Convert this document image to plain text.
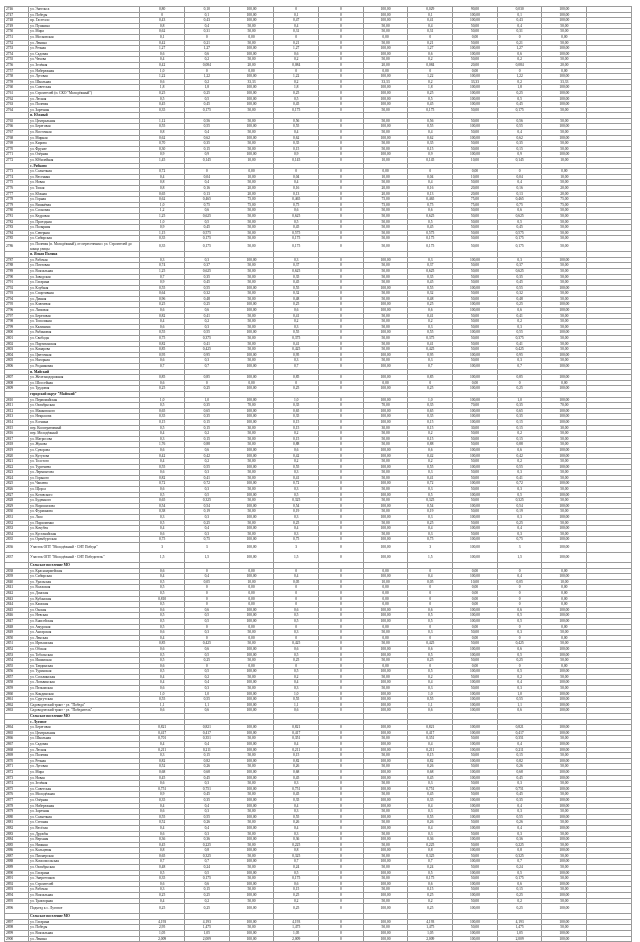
2746	ул. Энгельса	0,80	0,10	100,00	0	0	100,00	0,029	90,00	0,030	100,00	
2747	ул. Победы	0	0,1	100,00	0,1	0	100,00	0,1	100,00	0,1	100,00	
2748	пр. Гастелло	0,43	0,43	100,00	0,47	0	100,00	0,41	100,00	0,43	100,00	
2749	ул. Пушкина	0,8	0,4	50,00	0,4	0	50,00	0,4	50,00	0,4	50,00	
2750	ул. Мира	0,62	0,31	50,00	0,31	0	50,00	0,31	50,00	0,31	50,00	
2751	ул. Московская	0,1	0	0,00	0	0	0,00	0	0,00	0	0,00	
2752	ул. Ленина	0,42	0,21	50,00	0,21	0	50,00	0,21	50,00	0,21	50,00	
2753	ул. Речная	1,27	1,27	100,00	1,27	0	100,00	1,27	100,00	1,27	100,00	
2754	ул. Садовая	0,6	0,6	100,00	0,6	0	100,00	0,6	100,00	0,6	100,00	
2755	ул. Чехова	0,4	0,2	50,00	0,2	0	50,00	0,2	50,00	0,2	50,00	
2756	ул. Зелёная	0,42	0,084	20,00	0,084	0	20,00	0,084	20,00	0,084	20,00	
2757	ул. Набережная	1,0	0	0,00	0	0	0,00	0	0,00	0	0,00	
2758	ул. Луговая	1,22	1,22	100,00	1,22	0	100,00	1,22	100,00	1,22	100,00	
2759	ул. Школьная	0,6	0,2	33,33	0,2	0	33,33	0,2	33,33	0,2	33,33	
2760	ул. Советская	1,8	1,8	100,00	1,8	0	100,00	1,8	100,00	1,8	100,00	
2761	ул. Строителей (п. СКО "Молодёжный")	0,25	0,25	100,00	0,25	0	100,00	0,25	100,00	0,25	100,00	
2762	ул. Лесная	0,5	0,5	100,00	0,5	0	100,00	0,5	100,00	0,5	100,00	
2763	ул. Полевая	0,45	0,45	100,00	0,45	0	100,00	0,45	100,00	0,45	100,00	
2764	ул. Заречная	0,35	0,175	50,00	0,175	0	50,00	0,175	50,00	0,175	50,00	
	п. Южный											
2765	ул. Центральная	1,12	0,56	50,00	0,56	0	50,00	0,56	50,00	0,56	50,00	
2766	ул. Береговая	0,55	0,55	100,00	0,55	0	100,00	0,55	100,00	0,55	100,00	
2767	ул. Восточная	0,8	0,4	50,00	0,4	0	50,00	0,4	50,00	0,4	50,00	
2768	ул. Мирная	0,62	0,62	100,00	0,62	0	100,00	0,62	100,00	0,62	100,00	
2769	ул. Кирова	0,70	0,35	50,00	0,35	0	50,00	0,35	50,00	0,35	50,00	
2770	ул. Фрунзе	0,30	0,15	50,00	0,15	0	50,00	0,15	50,00	0,15	50,00	
2771	ул. Озёрная	0,9	0,9	100,00	0,9	0	100,00	0,9	100,00	0,9	100,00	
2772	ул. Юбилейная	1,45	0,145	10,00	0,145	0	10,00	0,145	10,00	0,145	10,00	
	с. Рябково											
2773	ул. Солнечная	0,72	0	0,00	0	0	0,00	0	0,00	0	0,00	
2774	ул. Весенняя	0,4	0,04	10,00	0,04	0	10,00	0,04	10,00	0,04	10,00	
2775	ул. Новая	0,8	0,4	50,00	0,4	0	50,00	0,4	50,00	0,4	50,00	
2776	ул. Тихая	0,8	0,16	20,00	0,16	0	20,00	0,16	20,00	0,16	20,00	
2777	ул. Южная	0,65	0,13	20,00	0,13	0	20,00	0,13	20,00	0,13	20,00	
2778	ул. Горная	0,62	0,465	75,00	0,465	0	75,00	0,465	75,00	0,465	75,00	
2779	ул. Вишнёвая	1,0	0,75	75,00	0,75	0	75,00	0,75	75,00	0,75	75,00	
2780	ул. Сосновая	1,2	0,6	50,00	0,6	0	50,00	0,6	50,00	0,6	50,00	
2781	ул. Кедровая	1,25	0,625	50,00	0,625	0	50,00	0,625	50,00	0,625	50,00	
2782	ул. Проездная	1,0	0,5	50,00	0,5	0	50,00	0,5	50,00	0,5	50,00	
2783	ул. Полярная	0,9	0,45	50,00	0,45	0	50,00	0,45	50,00	0,45	50,00	
2784	ул. Северная	1,15	0,575	50,00	0,575	0	50,00	0,575	50,00	0,575	50,00	
2785	ул. Сибирская	0,35	0,175	50,00	0,175	0	50,00	0,175	50,00	0,175	50,00	
2786	ул. Полевая (п. Молодёжный), от пересечения с ул. Строителей до конца улицы	0,35	0,175	50,00	0,175	0	50,00	0,175	50,00	0,175	50,00	
	п. Ясная Поляна											
2787	ул. Рабочая	0,3	0,3	100,00	0,3	0	100,00	0,3	100,00	0,3	100,00	
2788	ул. Почтовая	0,74	0,37	50,00	0,37	0	50,00	0,37	50,00	0,37	50,00	
2789	ул. Вокзальная	1,25	0,625	50,00	0,625	0	50,00	0,625	50,00	0,625	50,00	
2790	ул. Заводская	0,7	0,35	50,00	0,35	0	50,00	0,35	50,00	0,35	50,00	
2791	ул. Гагарина	0,9	0,45	50,00	0,45	0	50,00	0,45	50,00	0,45	50,00	
2792	ул. Клубная	0,55	0,55	100,00	0,55	0	100,00	0,55	100,00	0,55	100,00	
2793	ул. Спортивная	0,64	0,32	50,00	0,32	0	50,00	0,32	50,00	0,32	50,00	
2794	ул. Дачная	0,96	0,48	50,00	0,48	0	50,00	0,48	50,00	0,48	50,00	
2795	ул. Ключевая	0,25	0,25	100,00	0,25	0	100,00	0,25	100,00	0,25	100,00	
2796	ул. Липовая	0,6	0,6	100,00	0,6	0	100,00	0,6	100,00	0,6	100,00	
2797	ул. Березовая	0,82	0,41	50,00	0,41	0	50,00	0,41	50,00	0,41	50,00	
2798	ул. Тополиная	0,4	0,2	50,00	0,2	0	50,00	0,2	50,00	0,2	50,00	
2799	ул. Калинина	0,6	0,3	50,00	0,3	0	50,00	0,3	50,00	0,3	50,00	
2800	ул. Рябиновая	0,55	0,55	100,00	0,55	0	100,00	0,55	100,00	0,55	100,00	
2801	ул. Свободы	0,75	0,375	50,00	0,375	0	50,00	0,375	50,00	0,375	50,00	
2802	ул. Партизанская	0,82	0,41	50,00	0,41	0	50,00	0,41	50,00	0,41	50,00	
2803	ул. Комарова	0,85	0,425	50,00	0,425	0	50,00	0,425	50,00	0,425	50,00	
2804	ул. Цветочная	0,95	0,95	100,00	0,95	0	100,00	0,95	100,00	0,95	100,00	
2805	ул. Нагорная	0,6	0,3	50,00	0,3	0	50,00	0,3	50,00	0,3	50,00	
2806	ул. Родниковая	0,7	0,7	100,00	0,7	0	100,00	0,7	100,00	0,7	100,00	
	п. Майский											
2807	ул. Железнодорожная	0,85	0,85	100,00	0,85	0	100,00	0,85	100,00	0,85	100,00	
2808	ул. Шоссейная	0,6	0	0,00	0	0	0,00	0	0,00	0	0,00	
2809	ул. Трудовая	0,25	0,25	100,00	0,25	0	100,00	0,25	100,00	0,25	100,00	
	городской округ "Майский"											
2810	ул. Первомайская	1,0	1,0	100,00	1,0	0	100,00	1,0	100,00	1,0	100,00	
2811	ул. Октябрьская	0,5	0,35	70,00	0,35	0	70,00	0,35	70,00	0,35	70,00	
2812	ул. Маяковского	0,65	0,65	100,00	0,65	0	100,00	0,65	100,00	0,65	100,00	
2813	ул. Некрасова	0,35	0,35	100,00	0,35	0	100,00	0,35	100,00	0,35	100,00	
2814	ул. Есенина	0,15	0,15	100,00	0,15	0	100,00	0,15	100,00	0,15	100,00	
2815	пер. Кооперативный	0,5	0,15	30,00	0,15	0	30,00	0,15	30,00	0,15	30,00	
2816	пер. Молодёжный	0,4	0,2	50,00	0,2	0	50,00	0,2	50,00	0,2	50,00	
2817	ул. Матросова	0,3	0,15	50,00	0,15	0	50,00	0,15	50,00	0,15	50,00	
2818	ул. Жукова	1,76	0,88	50,00	0,88	0	50,00	0,88	50,00	0,88	50,00	
2819	ул. Суворова	0,6	0,6	100,00	0,6	0	100,00	0,6	100,00	0,6	100,00	
2820	ул. Кутузова	0,42	0,42	100,00	0,42	0	100,00	0,42	100,00	0,42	100,00	
2821	ул. Толстого	0,4	0,2	50,00	0,2	0	50,00	0,2	50,00	0,2	50,00	
2822	ул. Тургенева	0,55	0,55	100,00	0,55	0	100,00	0,55	100,00	0,55	100,00	
2823	ул. Лермонтова	0,6	0,3	50,00	0,3	0	50,00	0,3	50,00	0,3	50,00	
2824	ул. Горького	0,82	0,41	50,00	0,41	0	50,00	0,41	50,00	0,41	50,00	
2825	ул. Чапаева	0,72	0,72	100,00	0,72	0	100,00	0,72	100,00	0,72	100,00	
2826	ул. Щорса	0,6	0,3	50,00	0,3	0	50,00	0,3	50,00	0,3	50,00	
2827	ул. Котовского	0,5	0,5	100,00	0,5	0	100,00	0,5	100,00	0,5	100,00	
2828	ул. Буденного	0,65	0,325	50,00	0,325	0	50,00	0,325	50,00	0,325	50,00	
2829	ул. Ворошилова	0,54	0,54	100,00	0,54	0	100,00	0,54	100,00	0,54	100,00	
2830	ул. Фурманова	0,38	0,19	50,00	0,19	0	50,00	0,19	50,00	0,19	50,00	
2831	ул. Лазо	0,3	0,3	100,00	0,3	0	100,00	0,3	100,00	0,3	100,00	
2832	ул. Пархоменко	0,5	0,25	50,00	0,25	0	50,00	0,25	50,00	0,25	50,00	
2833	ул. Кочубея	0,4	0,4	100,00	0,4	0	100,00	0,4	100,00	0,4	100,00	
2834	ул. Кустанайская	0,6	0,3	50,00	0,3	0	50,00	0,3	50,00	0,3	50,00	
2835	ул. Оренбургская	0,75	0,75	100,00	0,75	0	100,00	0,75	100,00	0,75	100,00	
2836	Участок ОПТ "Молодёжный - СНТ Победа"	3	3	100,00	3	0	100,00	3	100,00	3	100,00	
2837	Участок ОПТ "Молодёжный - СНТ Победитель"	1,5	1,5	100,00	1,5	0	100,00	1,5	100,00	1,5	100,00	
	Сельское поселение МО											
2838	ул. Красноармейская	0,6	0	0,00	0	0	0,00	0	0,00	0	0,00	
2839	ул. Сибирская	0,4	0,4	100,00	0,4	0	100,00	0,4	100,00	0,4	100,00	
2840	ул. Уральская	0,5	0,05	10,00	0,05	0	10,00	0,05	10,00	0,05	10,00	
2841	ул. Волжская	0,5	0	0,00	0	0	0,00	0	0,00	0	0,00	
2842	ул. Донская	0,5	0	0,00	0	0	0,00	0	0,00	0	0,00	
2843	ул. Кубанская	0,810	0	0,00	0	0	0,00	0	0,00	0	0,00	
2844	ул. Камская	0,5	0	0,00	0	0	0,00	0	0,00	0	0,00	
2845	ул. Окская	0,6	0,6	100,00	0,6	0	100,00	0,6	100,00	0,6	100,00	
2846	ул. Невская	0,5	0,5	100,00	0,5	0	100,00	0,5	100,00	0,5	100,00	
2847	ул. Енисейская	0,5	0,5	100,00	0,5	0	100,00	0,5	100,00	0,5	100,00	
2848	ул. Амурская	0,5	0	0,00	0	0	0,00	0	0,00	0	0,00	
2849	ул. Ангарская	0,6	0,3	50,00	0,3	0	50,00	0,3	50,00	0,3	50,00	
2850	ул. Ленская	0,4	0	0,00	0	0	0,00	0	0,00	0	0,00	
2851	ул. Иртышская	0,85	0,425	50,00	0,425	0	50,00	0,425	50,00	0,425	50,00	
2852	ул. Обская	0,6	0,6	100,00	0,6	0	100,00	0,6	100,00	0,6	100,00	
2853	ул. Тобольская	0,5	0,5	100,00	0,5	0	100,00	0,5	100,00	0,5	100,00	
2854	ул. Ишимская	0,5	0,25	50,00	0,25	0	50,00	0,25	50,00	0,25	50,00	
2855	ул. Тавдинская	0,6	0	0,00	0	0	0,00	0	0,00	0	0,00	
2856	ул. Туринская	0,5	0,5	100,00	0,5	0	100,00	0,5	100,00	0,5	100,00	
2857	ул. Сосьвинская	0,4	0,2	50,00	0,2	0	50,00	0,2	50,00	0,2	50,00	
2858	ул. Лозьвинская	0,4	0,4	100,00	0,4	0	100,00	0,4	100,00	0,4	100,00	
2859	ул. Пелымская	0,6	0,3	50,00	0,3	0	50,00	0,3	50,00	0,3	50,00	
2860	ул. Кондинская	1,0	1,0	100,00	1,0	0	100,00	1,0	100,00	1,0	100,00	
2861	ул. Сургутская	0,55	0,55	100,00	0,55	0	100,00	0,55	100,00	0,55	100,00	
2862	Садоводческий тракт - ул. "Победа"	1,1	1,1	100,00	1,1	0	100,00	1,1	100,00	1,1	100,00	
2863	Садоводческий тракт - ул. "Победитель"	0,6	0,6	100,00	0,6	0	100,00	0,6	100,00	0,6	100,00	
	Сельское поселение МО											
	с. Луговое											
2864	ул. Береговая	0,821	0,821	100,00	0,821	0	100,00	0,821	100,00	0,821	100,00	
2865	ул. Центральная	0,417	0,417	100,00	0,417	0	100,00	0,417	100,00	0,417	100,00	
2866	ул. Школьная	0,701	0,351	50,00	0,351	0	50,00	0,351	50,00	0,351	50,00	
2867	ул. Садовая	0,4	0,4	100,00	0,4	0	100,00	0,4	100,00	0,4	100,00	
2868	ул. Лесная	0,211	0,211	100,00	0,211	0	100,00	0,211	100,00	0,211	100,00	
2869	ул. Полевая	0,3	0,15	50,00	0,15	0	50,00	0,15	50,00	0,15	50,00	
2870	ул. Речная	0,82	0,82	100,00	0,82	0	100,00	0,82	100,00	0,82	100,00	
2871	ул. Луговая	0,52	0,26	50,00	0,26	0	50,00	0,26	50,00	0,26	50,00	
2872	ул. Мира	0,68	0,68	100,00	0,68	0	100,00	0,68	100,00	0,68	100,00	
2873	ул. Новая	0,45	0,45	100,00	0,45	0	100,00	0,45	100,00	0,45	100,00	
2874	ул. Зелёная	0,6	0,3	50,00	0,3	0	50,00	0,3	50,00	0,3	50,00	
2875	ул. Советская	0,751	0,751	100,00	0,751	0	100,00	0,751	100,00	0,751	100,00	
2876	ул. Молодёжная	0,9	0,45	50,00	0,45	0	50,00	0,45	50,00	0,45	50,00	
2877	ул. Озёрная	0,35	0,35	100,00	0,35	0	100,00	0,35	100,00	0,35	100,00	
2878	ул. Набережная	0,4	0,4	100,00	0,4	0	100,00	0,4	100,00	0,4	100,00	
2879	ул. Заречная	0,6	0,3	50,00	0,3	0	50,00	0,3	50,00	0,3	50,00	
2880	ул. Солнечная	0,55	0,55	100,00	0,55	0	100,00	0,55	100,00	0,55	100,00	
2881	ул. Степная	0,52	0,26	50,00	0,26	0	50,00	0,26	50,00	0,26	50,00	
2882	ул. Весёлая	0,4	0,4	100,00	0,4	0	100,00	0,4	100,00	0,4	100,00	
2883	ул. Дружбы	0,6	0,3	50,00	0,3	0	50,00	0,3	50,00	0,3	50,00	
2884	ул. Верхняя	0,36	0,36	100,00	0,36	0	100,00	0,36	100,00	0,36	100,00	
2885	ул. Нижняя	0,45	0,225	50,00	0,225	0	50,00	0,225	50,00	0,225	50,00	
2886	ул. Кольцевая	0,8	0,8	100,00	0,8	0	100,00	0,8	100,00	0,8	100,00	
2887	ул. Пионерская	0,65	0,325	50,00	0,325	0	50,00	0,325	50,00	0,325	50,00	
2888	ул. Комсомольская	0,7	0,7	100,00	0,7	0	100,00	0,7	100,00	0,7	100,00	
2889	ул. Октябрьская	0,48	0,24	50,00	0,24	0	50,00	0,24	50,00	0,24	50,00	
2890	ул. Гагарина	0,5	0,5	100,00	0,5	0	100,00	0,5	100,00	0,5	100,00	
2891	ул. Энергетиков	0,35	0,175	50,00	0,175	0	50,00	0,175	50,00	0,175	50,00	
2892	ул. Строителей	0,6	0,6	100,00	0,6	0	100,00	0,6	100,00	0,6	100,00	
2893	ул. Рабочая	0,3	0,15	50,00	0,15	0	50,00	0,15	50,00	0,15	50,00	
2894	ул. Вокзальная	0,25	0,25	100,00	0,25	0	100,00	0,25	100,00	0,25	100,00	
2895	ул. Тракторная	0,4	0,2	50,00	0,2	0	50,00	0,2	50,00	0,2	50,00	
2896	Подъезд к с. Луговое	0,25	0,25	100,00	0,25	0	100,00	0,25	100,00	0,25	100,00	
	Сельское поселение МО											
2897	ул. Гагарина	4,193	4,193	100,00	4,193	0	100,00	4,193	100,00	4,193	100,00	
2898	ул. Победы	2,95	1,475	50,00	1,475	0	50,00	1,475	50,00	1,475	50,00	
2899	ул. Вокзальная	1,05	1,05	100,00	1,05	0	100,00	1,05	100,00	1,05	100,00	
2900	ул. Ленина	2,009	2,009	100,00	2,009	0	100,00	2,009	100,00	2,009	100,00	
